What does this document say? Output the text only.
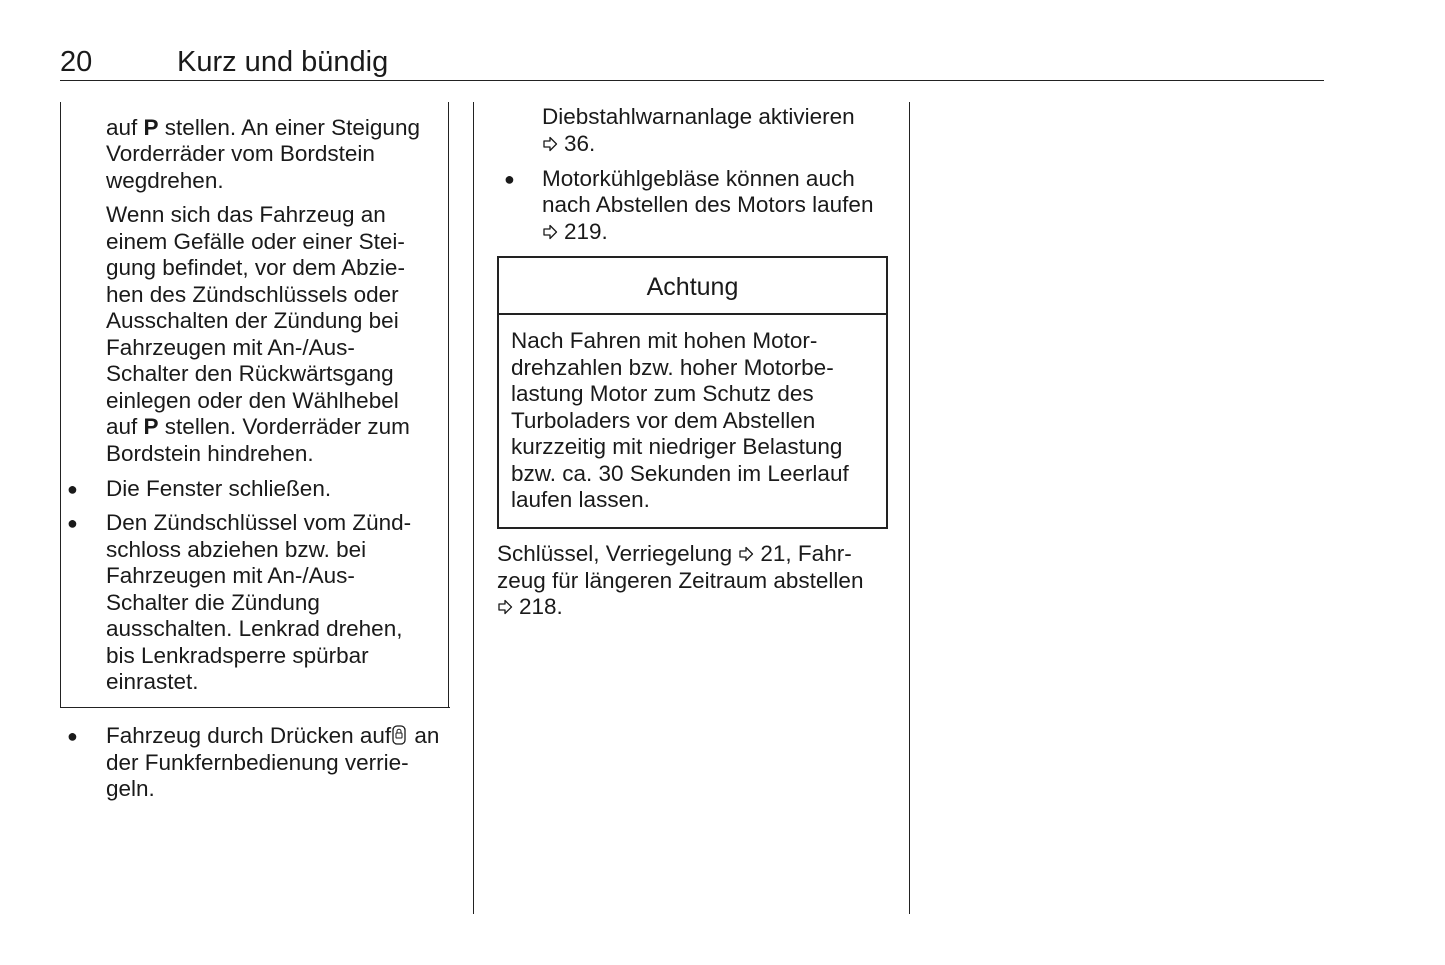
20	Kurz und bündig
auf P stellen. An einer Steigung
Vorderräder vom Bordstein
wegdrehen.
Wenn sich das Fahrzeug an
einem Gefälle oder einer Stei-
gung befindet, vor dem Abzie-
hen des Zündschlüssels oder
Ausschalten der Zündung bei
Fahrzeugen mit An-/Aus-
Schalter den Rückwärtsgang
einlegen oder den Wählhebel
auf P stellen. Vorderräder zum
Bordstein hindrehen.
● Die Fenster schließen.
● Den Zündschlüssel vom Zünd-
schloss abziehen bzw. bei
Fahrzeugen mit An-/Aus-
Schalter die Zündung
ausschalten. Lenkrad drehen,
bis Lenkradsperre spürbar
einrastet.
● Fahrzeug durch Drücken auf an
der Funkfernbedienung verrie-
geln.
Diebstahlwarnanlage aktivieren
36.
● Motorkühlgebläse können auch
nach Abstellen des Motors laufen
219.
Achtung
Nach Fahren mit hohen Motor-
drehzahlen bzw. hoher Motorbe-
lastung Motor zum Schutz des
Turboladers vor dem Abstellen
kurzzeitig mit niedriger Belastung
bzw. ca. 30 Sekunden im Leerlauf
laufen lassen.
Schlüssel, Verriegelung 21, Fahr-
zeug für längeren Zeitraum abstellen
218.
